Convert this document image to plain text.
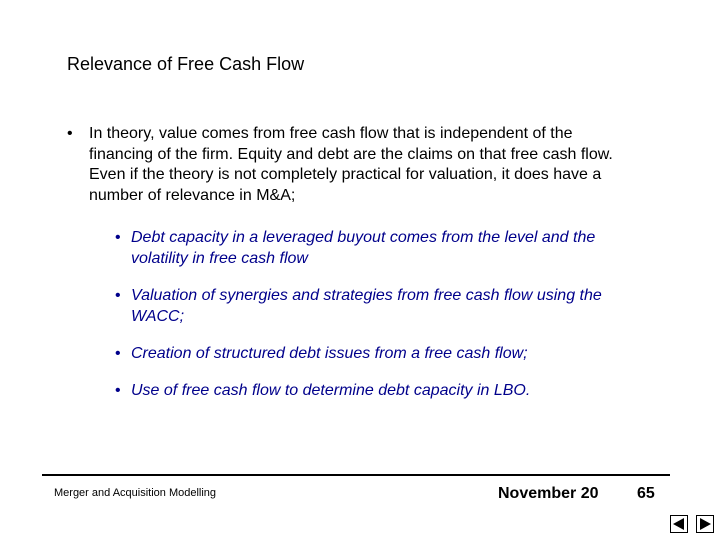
Relevance of Free Cash Flow
• In theory, value comes from free cash flow that is independent of the financing of the firm. Equity and debt are the claims on that free cash flow. Even if the theory is not completely practical for valuation, it does have a number of relevance in M&A;
• Debt capacity in a leveraged buyout comes from the level and the volatility in free cash flow
• Valuation of synergies and strategies from free cash flow using the WACC;
• Creation of structured debt issues from a free cash flow;
• Use of free cash flow to determine debt capacity in LBO.
Merger and Acquisition Modelling	November 20 65
